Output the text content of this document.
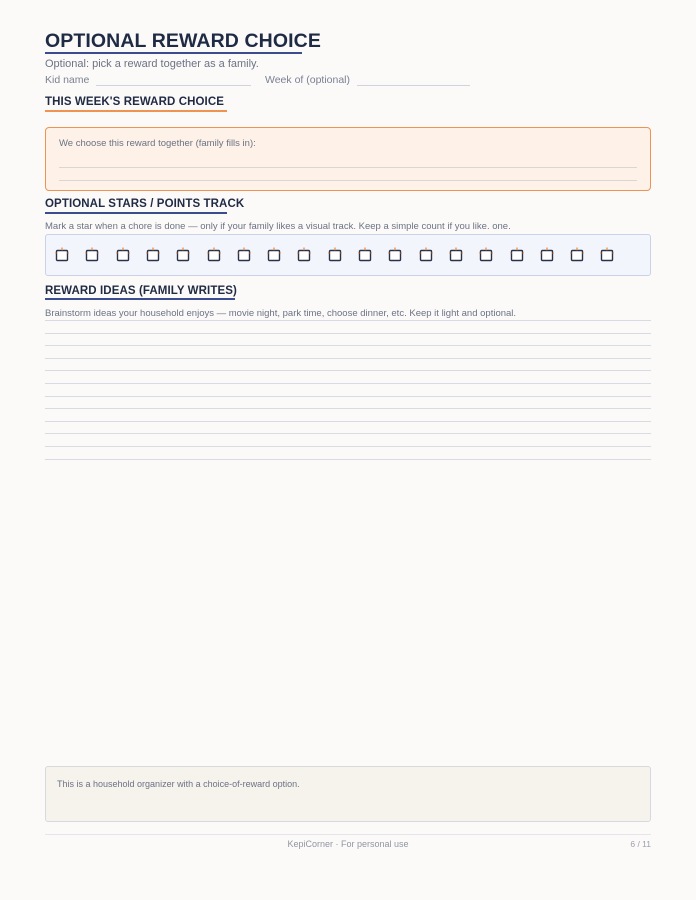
OPTIONAL REWARD CHOICE
Optional: pick a reward together as a family.
Kid name	Week of (optional)
THIS WEEK'S REWARD CHOICE
We choose this reward together (family fills in):
OPTIONAL STARS / POINTS TRACK
Mark a star when a chore is done — only if your family likes a visual track. Keep a simple count if you like. one.
REWARD IDEAS (FAMILY WRITES)
Brainstorm ideas your household enjoys — movie night, park time, choose dinner, etc. Keep it light and optional.
This is a household organizer with a choice-of-reward option.
KepiCorner · For personal use	6 / 11
